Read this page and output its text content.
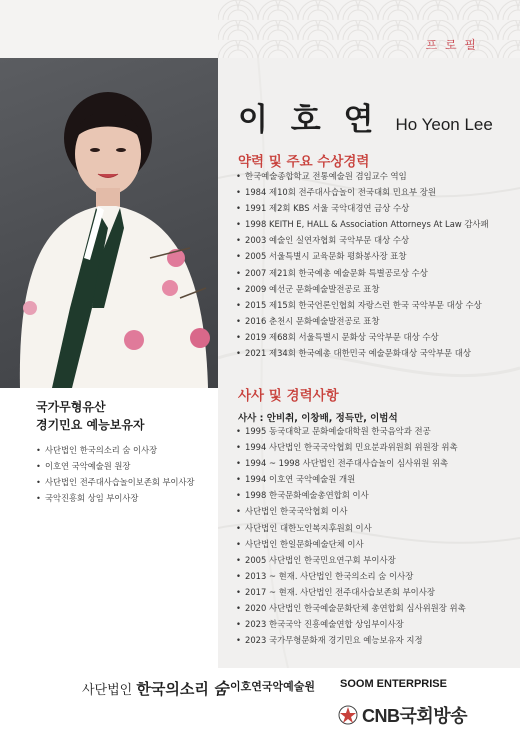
프 로 필
이 호 연 Ho Yeon Lee
약력 및 주요 수상경력
• 한국예술종합학교 전통예술원 겸임교수 역임
• 1984 제10회 전주대사습놀이 전국대회 민요부 장원
• 1991 제2회 KBS 서울 국악대경연 금상 수상
• 1998 KEITH E, HALL & Association Attorneys At Law 감사패
• 2003 예술인 실연자협회 국악부문 대상 수상
• 2005 서울특별시 교육문화 평화봉사장 표창
• 2007 제21회 한국예총 예술문화 특별공로상 수상
• 2009 예선군 문화예술발전공로 표창
• 2015 제15회 한국언론인협회 자랑스런 한국 국악부문 대상 수상
• 2016 춘천시 문화예술발전공로 표창
• 2019 제68회 서울특별시 문화상 국악부문 대상 수상
• 2021 제34회 한국예총 대한민국 예술문화대상 국악부문 대상
사사 및 경력사항
사사 : 안비취, 이창배, 정득만, 이범석
• 1995 동국대학교 문화예술대학원 한국음악과 전공
• 1994 사단법인 한국국악협회 민요분과위원회 위원장 위촉
• 1994 ~ 1998 사단법인 전주대사습놀이 심사위원 위촉
• 1994 이호연 국악예술원 개원
• 1998 한국문화예술총연합회 이사
• 사단법인 한국국악협회 이사
• 사단법인 대한노인복지후원회 이사
• 사단법인 한일문화예술단체 이사
• 2005 사단법인 한국민요연구회 부이사장
• 2013 ~ 현재. 사단법인 한국의소리 숨 이사장
• 2017 ~ 현재. 사단법인 전주대사습보존회 부이사장
• 2020 사단법인 한국예술문화단체 총연합회 심사위원장 위촉
• 2023 한국국악 진흥예술연합 상임부이사장
• 2023 국가무형문화재 경기민요 예능보유자 지정
국가무형유산
경기민요 예능보유자
• 사단법인 한국의소리 숨 이사장
• 이호연 국악예술원 원장
• 사단법인 전주대사습놀이보존회 부이사장
• 국악진흥회 상임 부이사장
사단법인 한국의소리 숨 이호연국악예술원 SOOM ENTERPRISE
CNB국회방송
